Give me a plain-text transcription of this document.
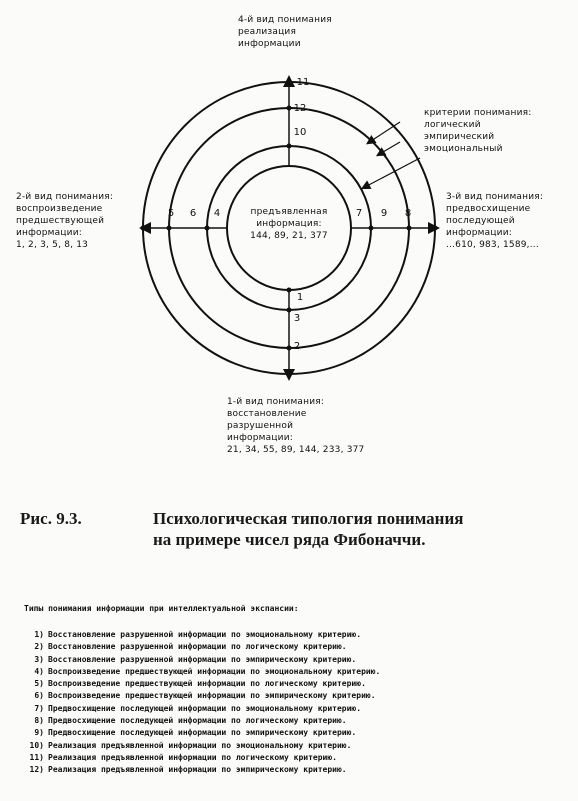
11
12
10
5 6 4	7 9 8
1
3
2
4-й вид понимания
реализация
информации
2-й вид понимания:
воспроизведение
предшествующей
информации:
1, 2, 3, 5, 8, 13
3-й вид понимания:
предвосхищение
последующей
информации:
...610, 983, 1589,...
1-й вид понимания:
восстановление
разрушенной
информации:
21, 34, 55, 89, 144, 233, 377
критерии понимания:
логический
эмпирический
эмоциональный
предъявленная
информация:
144, 89, 21, 377
Рис. 9.3.	Психологическая типология понимания
на примере чисел ряда Фибоначчи.
Типы понимания информации при интеллектуальной экспансии:
1) Восстановление разрушенной информации по эмоциональному критерию.
2) Восстановление разрушенной информации по логическому критерию.
3) Восстановление разрушенной информации по эмпирическому критерию.
4) Воспроизведение предшествующей информации по эмоциональному критерию.
5) Воспроизведение предшествующей информации по логическому критерию.
6) Воспроизведение предшествующей информации по эмпирическому критерию.
7) Предвосхищение последующей информации по эмоциональному критерию.
8) Предвосхищение последующей информации по логическому критерию.
9) Предвосхищение последующей информации по эмпирическому критерию.
10) Реализация предъявленной информации по эмоциональному критерию.
11) Реализация предъявленной информации по логическому критерию.
12) Реализация предъявленной информации по эмпирическому критерию.
